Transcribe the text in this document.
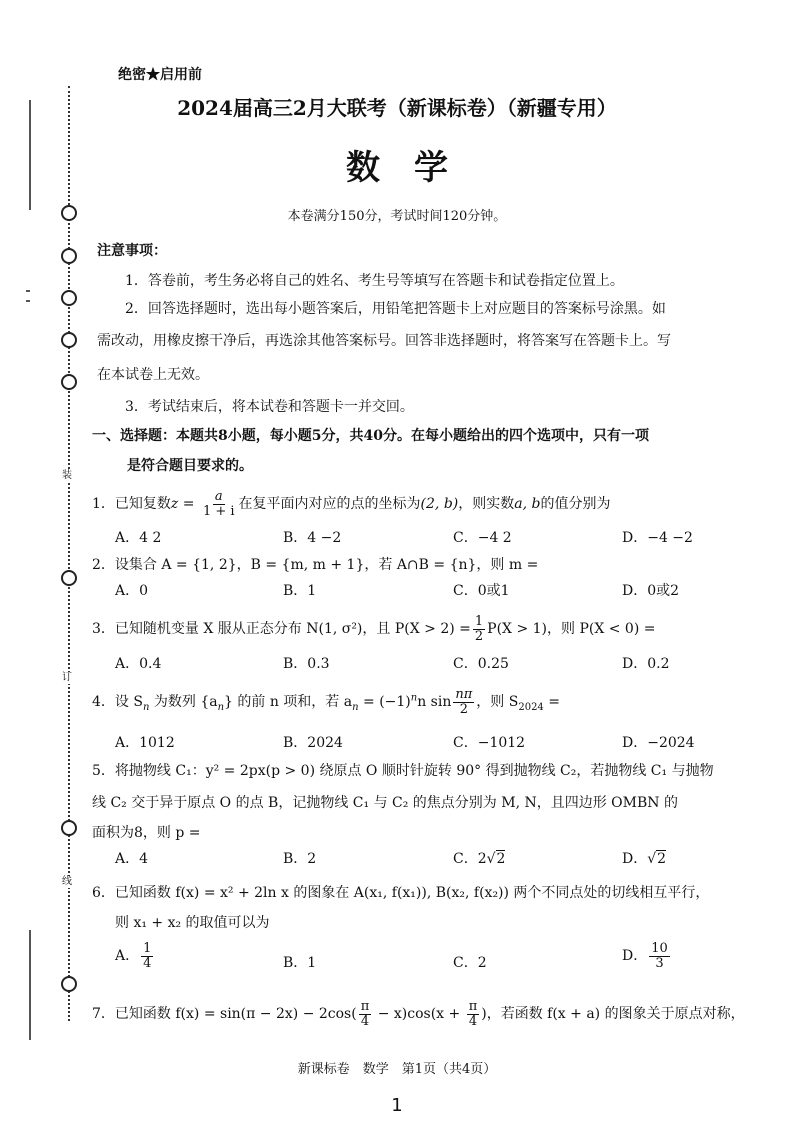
装
订
线
绝密★启用前
2024届高三2月大联考（新课标卷）（新疆专用）
数学
本卷满分150分，考试时间120分钟。
注意事项：
1．答卷前，考生务必将自己的姓名、考生号等填写在答题卡和试卷指定位置上。
2．回答选择题时，选出每小题答案后，用铅笔把答题卡上对应题目的答案标号涂黑。如
需改动，用橡皮擦干净后，再选涂其他答案标号。回答非选择题时，将答案写在答题卡上。写
在本试卷上无效。
3．考试结束后，将本试卷和答题卡一并交回。
一、选择题：本题共8小题，每小题5分，共40分。在每小题给出的四个选项中，只有一项
是符合题目要求的。
1．已知复数$z = \frac{a}{1 + i}$ 在复平面内对应的点的坐标为(2, b)，则实数a, b的值分别为
A．4 2	B．4 −2	C．−4 2	D．−4 −2
2．设集合 A = {1, 2}，B = {m, m + 1}，若 A∩B = {n}，则 m =
A．0	B．1	C．0或1	D．0或2
3．已知随机变量 X 服从正态分布 N(1, σ²)，且 $P(X > 2) = \frac{1}{2} P(X > 1)$，则 P(X < 0) =
A．0.4	B．0.3	C．0.25	D．0.2
4．设 $S_n$ 为数列 $\{a_n\}$ 的前 n 项和，若 $a_n = (-1)^nn$ $\sin \frac{n\pi}{2}$ ，则 $S_{2024}$ =
A．1012	B．2024	C．−1012	D．−2024
5．将抛物线 C₁：y² = 2px(p > 0) 绕原点 O 顺时针旋转 90° 得到抛物线 C₂，若抛物线 C₁ 与抛物
线 C₂ 交于异于原点 O 的点 B，记抛物线 C₁ 与 C₂ 的焦点分别为 M, N，且四边形 OMBN 的
面积为8，则 p =
A．4	B．2	C．2√2	D．√2
6．已知函数 f(x) = x² + 2ln x 的图象在 A(x₁, f(x₁)), B(x₂, f(x₂)) 两个不同点处的切线相互平行，
则 x₁ + x₂ 的取值可以为
A． $\frac{1}{4}$	B．1	C．2	D． $\frac{10}{3}$
7．已知函数 $f(x) = \sin(\pi - 2x) - 2\cos( \frac{\pi}{4} - x)\cos(x + \frac{\pi}{4}$ )，若函数 f(x + a) 的图象关于原点对称，
新课标卷　数学　第1页（共4页）
1
